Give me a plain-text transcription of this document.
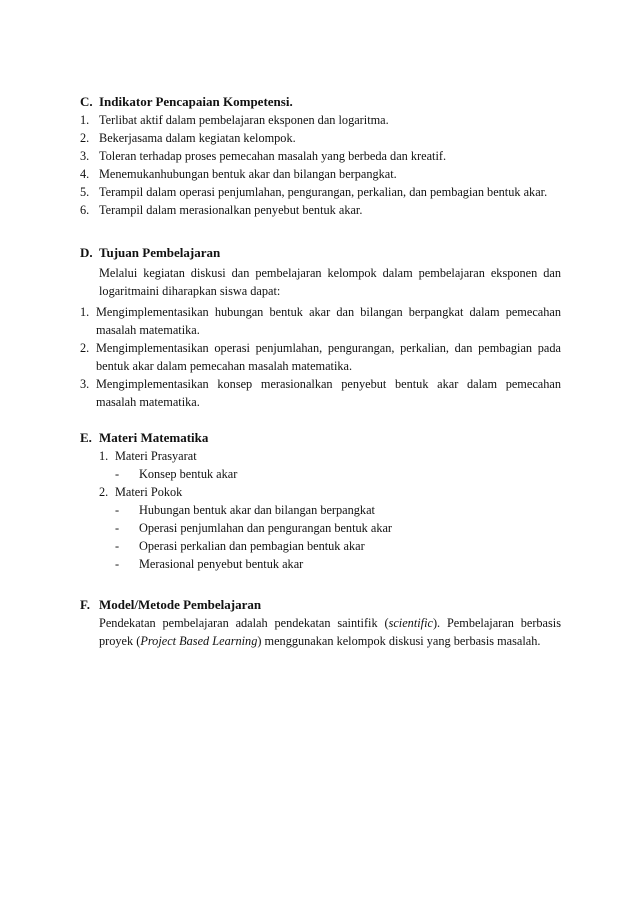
C. Indikator Pencapaian Kompetensi.
1. Terlibat aktif dalam pembelajaran eksponen dan logaritma.
2. Bekerjasama dalam kegiatan kelompok.
3. Toleran terhadap proses pemecahan masalah yang berbeda dan kreatif.
4. Menemukanhubungan bentuk akar dan bilangan berpangkat.
5. Terampil dalam operasi penjumlahan, pengurangan, perkalian, dan pembagian bentuk akar.
6. Terampil dalam merasionalkan penyebut bentuk akar.
D. Tujuan Pembelajaran
Melalui kegiatan diskusi dan pembelajaran kelompok dalam pembelajaran eksponen dan logaritmaini diharapkan siswa dapat:
1. Mengimplementasikan hubungan bentuk akar dan bilangan berpangkat dalam pemecahan masalah matematika.
2. Mengimplementasikan operasi penjumlahan, pengurangan, perkalian, dan pembagian pada bentuk akar dalam pemecahan masalah matematika.
3. Mengimplementasikan konsep merasionalkan penyebut bentuk akar dalam pemecahan masalah matematika.
E. Materi Matematika
1. Materi Prasyarat
-	Konsep bentuk akar
2. Materi Pokok
-	Hubungan bentuk akar dan bilangan berpangkat
-	Operasi penjumlahan dan pengurangan bentuk akar
-	Operasi perkalian dan pembagian bentuk akar
-	Merasional penyebut bentuk akar
F. Model/Metode Pembelajaran
Pendekatan pembelajaran adalah pendekatan saintifik (scientific). Pembelajaran berbasis proyek (Project Based Learning) menggunakan kelompok diskusi yang berbasis masalah.
